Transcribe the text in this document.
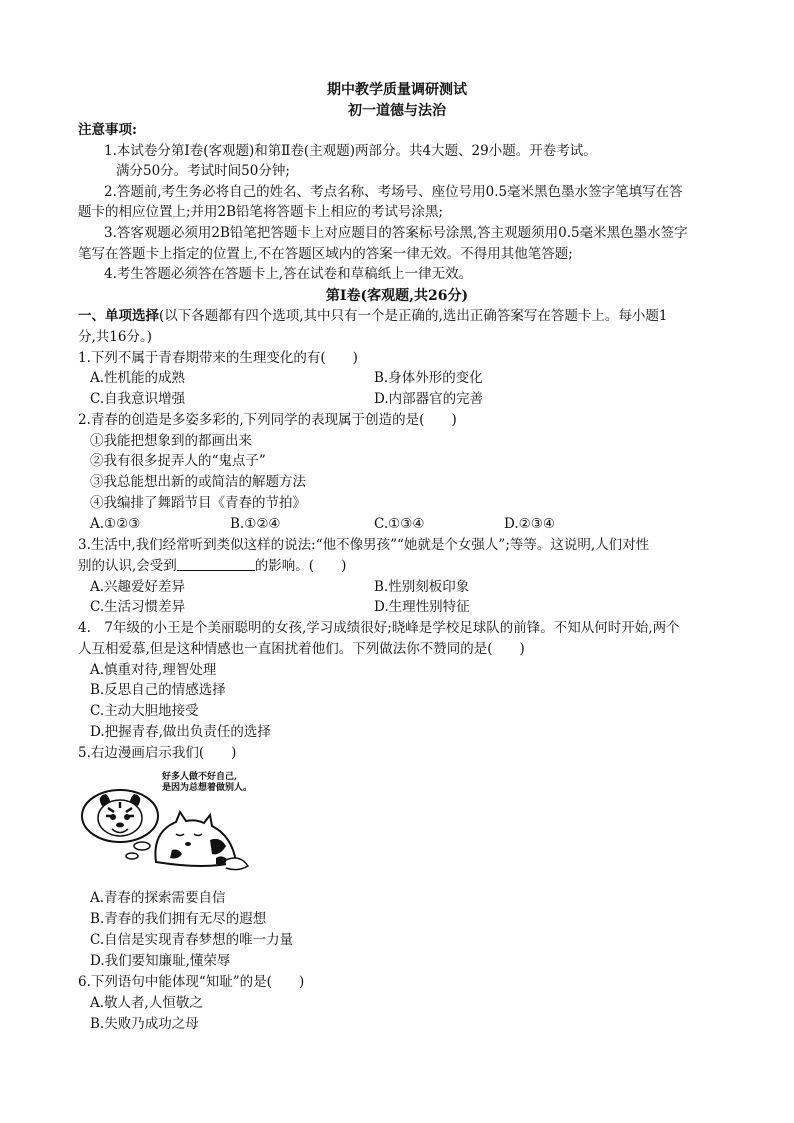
期中教学质量调研测试
初一道德与法治
注意事项:
1.本试卷分第Ⅰ卷(客观题)和第Ⅱ卷(主观题)两部分。共4大题、29小题。开卷考试。
满分50分。考试时间50分钟;
2.答题前,考生务必将自己的姓名、考点名称、考场号、座位号用0.5毫米黑色墨水签字笔填写在答
题卡的相应位置上;并用2B铅笔将答题卡上相应的考试号涂黑;
3.答客观题必须用2B铅笔把答题卡上对应题目的答案标号涂黑,答主观题须用0.5毫米黑色墨水签字
笔写在答题卡上指定的位置上,不在答题区域内的答案一律无效。不得用其他笔答题;
4.考生答题必须答在答题卡上,答在试卷和草稿纸上一律无效。
第Ⅰ卷(客观题,共26分)
一、单项选择(以下各题都有四个选项,其中只有一个是正确的,选出正确答案写在答题卡上。每小题1
分,共16分。)
1.下列不属于青春期带来的生理变化的有(　　)
A.性机能的成熟	B.身体外形的变化
C.自我意识增强	D.内部器官的完善
2.青春的创造是多姿多彩的,下列同学的表现属于创造的是(　　)
①我能把想象到的都画出来
②我有很多捉弄人的“鬼点子”
③我总能想出新的或简洁的解题方法
④我编排了舞蹈节目《青春的节拍》
A.①②③	B.①②④	C.①③④	D.②③④
3.生活中,我们经常听到类似这样的说法:“他不像男孩”“她就是个女强人”;等等。这说明,人们对性
别的认识,会受到	的影响。(　　)
A.兴趣爱好差异	B.性别刻板印象
C.生活习惯差异	D.生理性别特征
4.　7年级的小王是个美丽聪明的女孩,学习成绩很好;晓峰是学校足球队的前锋。不知从何时开始,两个
人互相爱慕,但是这种情感也一直困扰着他们。下列做法你不赞同的是(　　)
A.慎重对待,理智处理
B.反思自己的情感选择
C.主动大胆地接受
D.把握青春,做出负责任的选择
5.右边漫画启示我们(　　)
好多人做不好自己,
是因为总想着做别人。
A.青春的探索需要自信
B.青春的我们拥有无尽的遐想
C.自信是实现青春梦想的唯一力量
D.我们要知廉耻,懂荣辱
6.下列语句中能体现“知耻”的是(　　)
A.敬人者,人恒敬之
B.失败乃成功之母
